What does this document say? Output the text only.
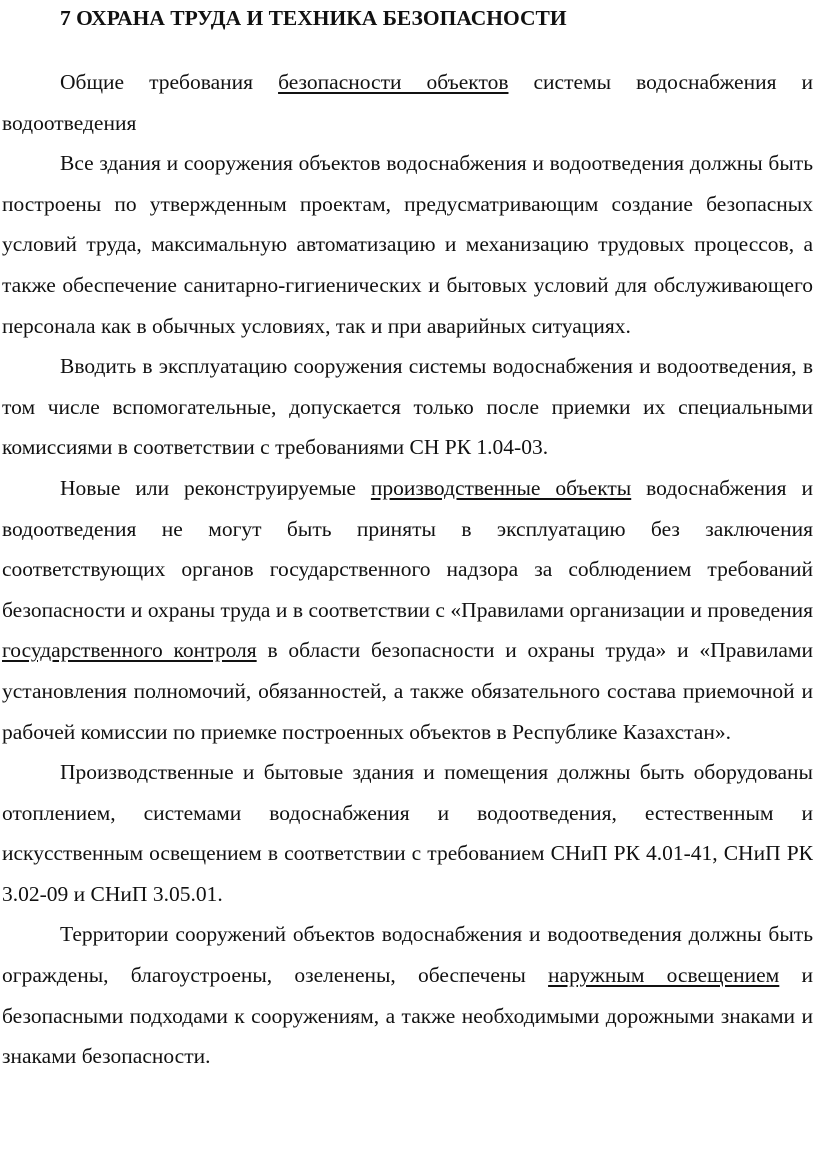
7 ОХРАНА ТРУДА И ТЕХНИКА БЕЗОПАСНОСТИ

Общие требования безопасности объектов системы водоснабжения и водоотведения

Все здания и сооружения объектов водоснабжения и водоотведения должны быть построены по утвержденным проектам, предусматривающим создание безопасных условий труда, максимальную автоматизацию и механизацию трудовых процессов, а также обеспечение санитарно-гигиенических и бытовых условий для обслуживающего персонала как в обычных условиях, так и при аварийных ситуациях.

Вводить в эксплуатацию сооружения системы водоснабжения и водоотведения, в том числе вспомогательные, допускается только после приемки их специальными комиссиями в соответствии с требованиями СН РК 1.04-03.

Новые или реконструируемые производственные объекты водоснабжения и водоотведения не могут быть приняты в эксплуатацию без заключения соответствующих органов государственного надзора за соблюдением требований безопасности и охраны труда и в соответствии с «Правилами организации и проведения государственного контроля в области безопасности и охраны труда» и «Правилами установления полномочий, обязанностей, а также обязательного состава приемочной и рабочей комиссии по приемке построенных объектов в Республике Казахстан».

Производственные и бытовые здания и помещения должны быть оборудованы отоплением, системами водоснабжения и водоотведения, естественным и искусственным освещением в соответствии с требованием СНиП РК 4.01-41, СНиП РК 3.02-09 и СНиП 3.05.01.

Территории сооружений объектов водоснабжения и водоотведения должны быть ограждены, благоустроены, озеленены, обеспечены наружным освещением и безопасными подходами к сооружениям, а также необходимыми дорожными знаками и знаками безопасности.
